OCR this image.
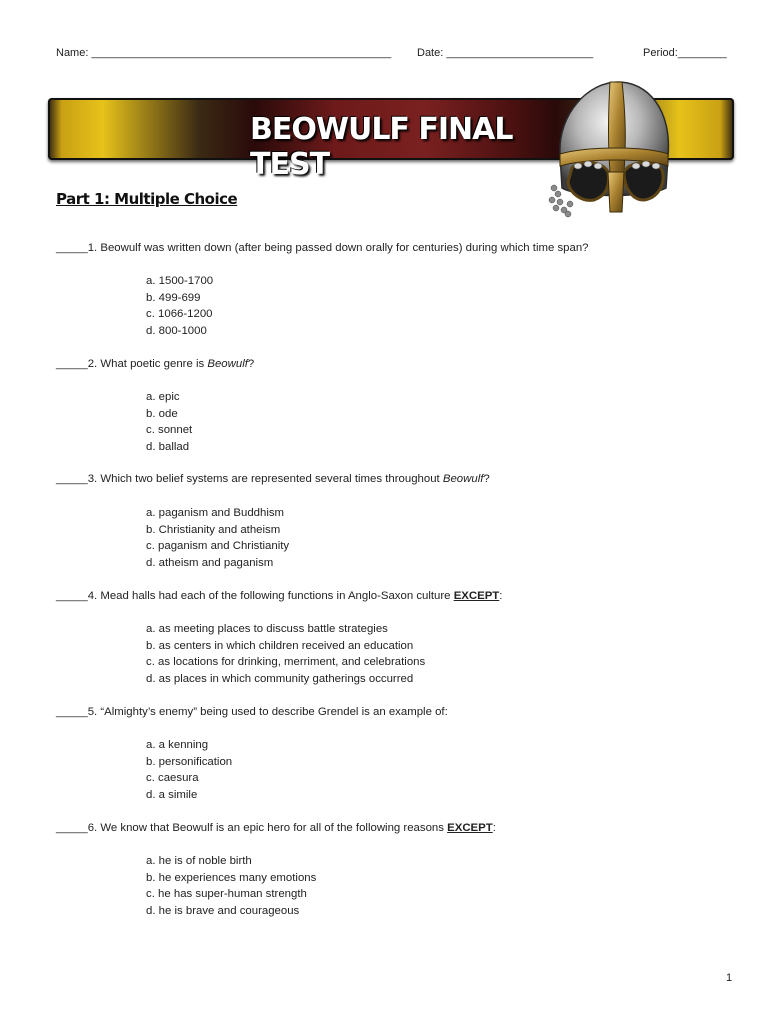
Name: _________________________________________________ Date: ________________________	Period:________
BEOWULF FINAL TEST
Part 1: Multiple Choice
_____1. Beowulf was written down (after being passed down orally for centuries) during which time span?
a. 1500-1700
b. 499-699
c. 1066-1200
d. 800-1000
_____2. What poetic genre is Beowulf?
a. epic
b. ode
c. sonnet
d. ballad
_____3. Which two belief systems are represented several times throughout Beowulf?
a. paganism and Buddhism
b. Christianity and atheism
c. paganism and Christianity
d. atheism and paganism
_____4. Mead halls had each of the following functions in Anglo-Saxon culture EXCEPT:
a. as meeting places to discuss battle strategies
b. as centers in which children received an education
c. as locations for drinking, merriment, and celebrations
d. as places in which community gatherings occurred
_____5. “Almighty’s enemy” being used to describe Grendel is an example of:
a. a kenning
b. personification
c. caesura
d. a simile
_____6. We know that Beowulf is an epic hero for all of the following reasons EXCEPT:
a. he is of noble birth
b. he experiences many emotions
c. he has super-human strength
d. he is brave and courageous
1
